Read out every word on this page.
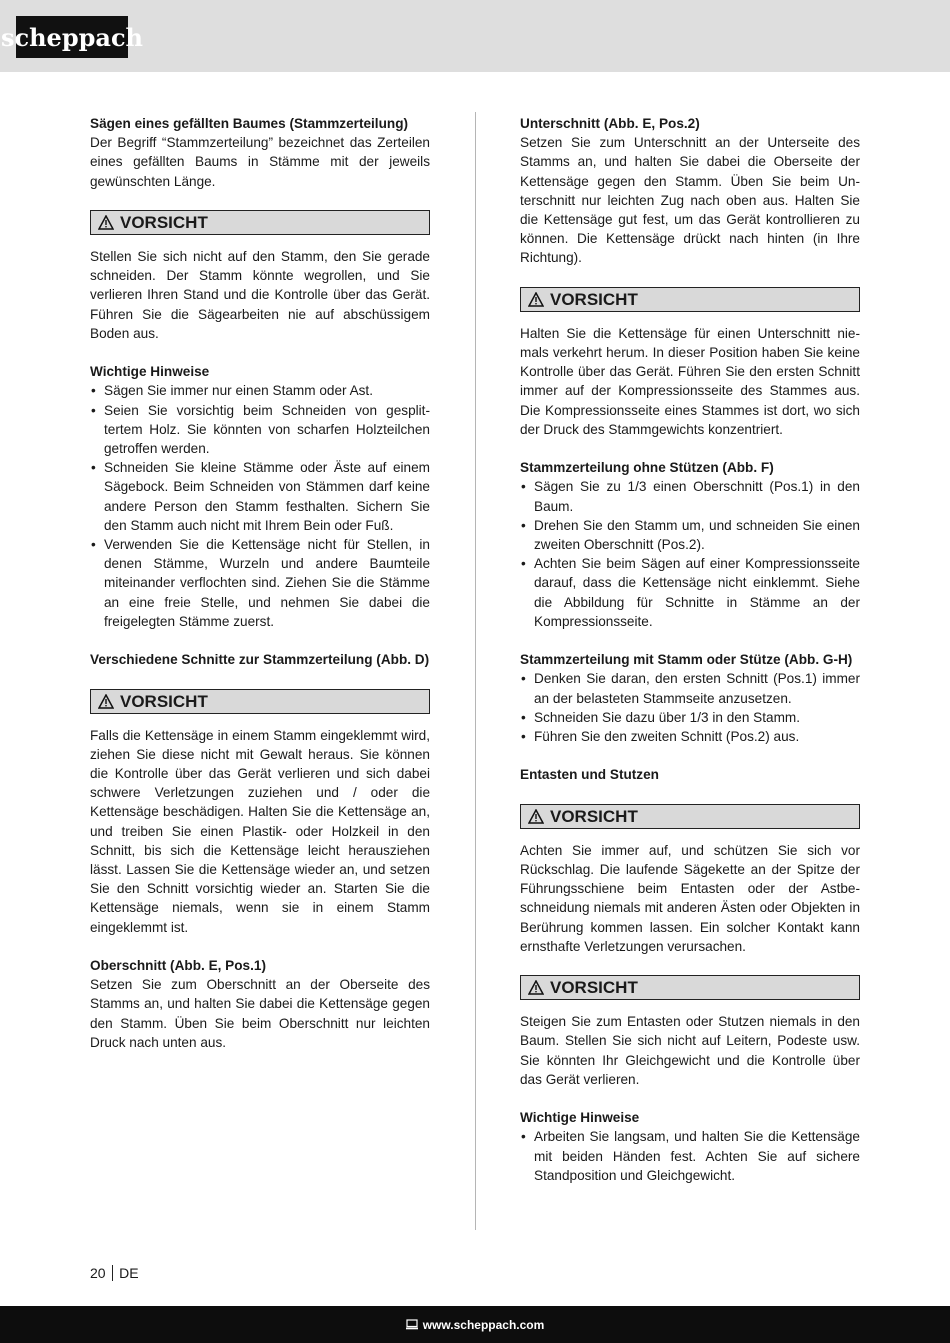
scheppach
Sägen eines gefällten Baumes (Stammzerteilung)

Der Begriff “Stammzerteilung” bezeichnet das Zerteilen eines gefällten Baums in Stämme mit der jeweils gewünschten Länge.

VORSICHT

Stellen Sie sich nicht auf den Stamm, den Sie gerade schneiden. Der Stamm könnte wegrollen, und Sie verlieren Ihren Stand und die Kontrolle über das Gerät. Führen Sie die Sägearbeiten nie auf abschüssigem Boden aus.

Wichtige Hinweise
• Sägen Sie immer nur einen Stamm oder Ast.
• Seien Sie vorsichtig beim Schneiden von gesplittertem Holz. Sie könnten von scharfen Holzteilchen getroffen werden.
• Schneiden Sie kleine Stämme oder Äste auf einem Sägebock. Beim Schneiden von Stämmen darf keine andere Person den Stamm festhalten. Sichern Sie den Stamm auch nicht mit Ihrem Bein oder Fuß.
• Verwenden Sie die Kettensäge nicht für Stellen, in denen Stämme, Wurzeln und andere Baumteile miteinander verflochten sind. Ziehen Sie die Stämme an eine freie Stelle, und nehmen Sie dabei die freigelegten Stämme zuerst.
Verschiedene Schnitte zur Stammzerteilung (Abb. D)
VORSICHT

Falls die Kettensäge in einem Stamm eingeklemmt wird, ziehen Sie diese nicht mit Gewalt heraus. Sie können die Kontrolle über das Gerät verlieren und sich dabei schwere Verletzungen zuziehen und / oder die Kettensäge beschädigen. Halten Sie die Kettensäge an, und treiben Sie einen Plastik- oder Holzkeil in den Schnitt, bis sich die Kettensäge leicht herausziehen lässt. Lassen Sie die Kettensäge wieder an, und setzen Sie den Schnitt vorsichtig wieder an. Starten Sie die Kettensäge niemals, wenn sie in einem Stamm eingeklemmt ist.

Oberschnitt (Abb. E, Pos.1)

Setzen Sie zum Oberschnitt an der Oberseite des Stamms an, und halten Sie dabei die Kettensäge gegen den Stamm. Üben Sie beim Oberschnitt nur leichten Druck nach unten aus.

Unterschnitt (Abb. E, Pos.2)

Setzen Sie zum Unterschnitt an der Unterseite des Stamms an, und halten Sie dabei die Oberseite der Kettensäge gegen den Stamm. Üben Sie beim Unterschnitt nur leichten Zug nach oben aus. Halten Sie die Kettensäge gut fest, um das Gerät kontrollieren zu können. Die Kettensäge drückt nach hinten (in Ihre Richtung).

VORSICHT

Halten Sie die Kettensäge für einen Unterschnitt niemals verkehrt herum. In dieser Position haben Sie keine Kontrolle über das Gerät. Führen Sie den ersten Schnitt immer auf der Kompressionsseite des Stammes aus. Die Kompressionsseite eines Stammes ist dort, wo sich der Druck des Stammgewichts konzentriert.

Stammzerteilung ohne Stützen (Abb. F)
• Sägen Sie zu 1/3 einen Oberschnitt (Pos.1) in den Baum.
• Drehen Sie den Stamm um, und schneiden Sie einen zweiten Oberschnitt (Pos.2).
• Achten Sie beim Sägen auf einer Kompressionsseite darauf, dass die Kettensäge nicht einklemmt. Siehe die Abbildung für Schnitte in Stämme an der Kompressionsseite.
Stammzerteilung mit Stamm oder Stütze (Abb. G-H)
• Denken Sie daran, den ersten Schnitt (Pos.1) immer an der belasteten Stammseite anzusetzen.
• Schneiden Sie dazu über 1/3 in den Stamm.
• Führen Sie den zweiten Schnitt (Pos.2) aus.
Entasten und Stutzen
VORSICHT

Achten Sie immer auf, und schützen Sie sich vor Rückschlag. Die laufende Sägekette an der Spitze der Führungsschiene beim Entasten oder der Astbeschneidung niemals mit anderen Ästen oder Objekten in Berührung kommen lassen. Ein solcher Kontakt kann ernsthafte Verletzungen verursachen.

VORSICHT

Steigen Sie zum Entasten oder Stutzen niemals in den Baum. Stellen Sie sich nicht auf Leitern, Podeste usw. Sie könnten Ihr Gleichgewicht und die Kontrolle über das Gerät verlieren.

Wichtige Hinweise
• Arbeiten Sie langsam, und halten Sie die Kettensäge mit beiden Händen fest. Achten Sie auf sichere Standposition und Gleichgewicht.
20 DE
www.scheppach.com
